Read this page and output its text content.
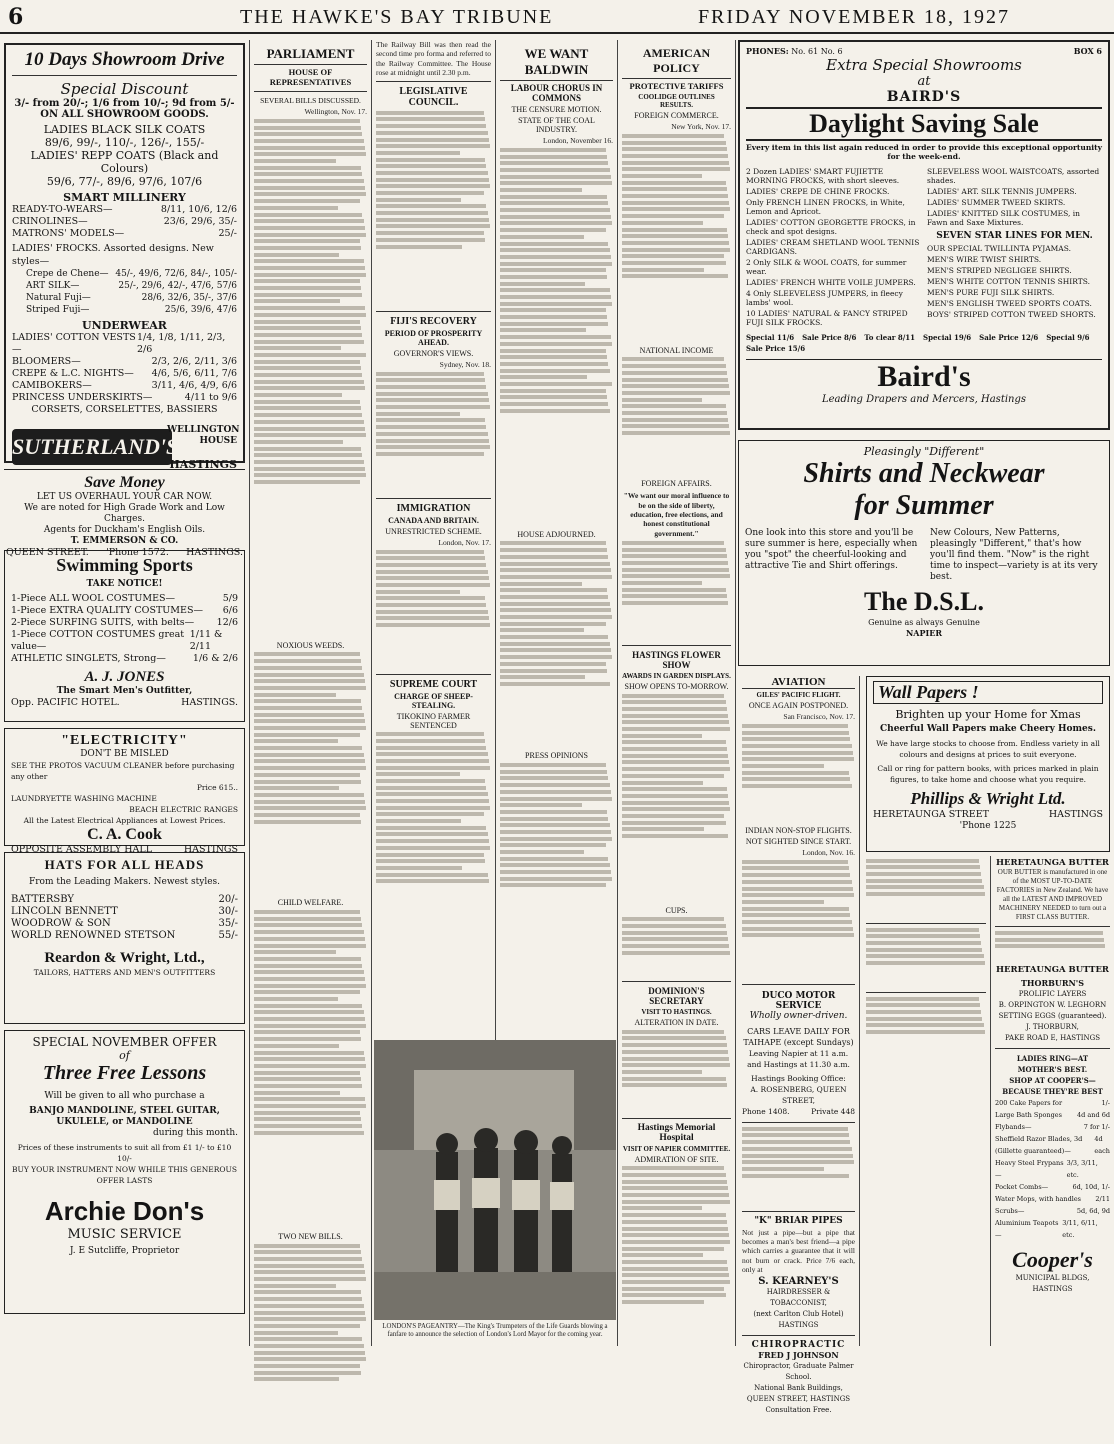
6	THE HAWKE'S BAY TRIBUNE	FRIDAY NOVEMBER 18, 1927
10 Days Showroom Drive
Special Discount
3/- from 20/-; 1/6 from 10/-; 9d from 5/-
ON ALL SHOWROOM GOODS.
LADIES BLACK SILK COATS
89/6, 99/-, 110/-, 126/-, 155/-
LADIES' REPP COATS (Black and Colours)
59/6, 77/-, 89/6, 97/6, 107/6
SMART MILLINERY
READY-TO-WEARS—	8/11, 10/6, 12/6
CRINOLINES—	23/6, 29/6, 35/-
MATRONS' MODELS—	25/-
LADIES' FROCKS. Assorted designs. New styles—
Crepe de Chene— 45/-, 49/6, 72/6, 84/-, 105/-
ART SILK—	25/-, 29/6, 42/-, 47/6, 57/6
Natural Fuji—	28/6, 32/6, 35/-, 37/6
Striped Fuji—	25/6, 39/6, 47/6
UNDERWEAR
LADIES' COTTON VESTS—
1/4, 1/8, 1/11, 2/3, 2/6
BLOOMERS—	2/3, 2/6, 2/11, 3/6
CREPE & L.C. NIGHTS— 4/6, 5/6, 6/11, 7/6
CAMIBOKERS—	3/11, 4/6, 4/9, 6/6
PRINCESS UNDERSKIRTS—	4/11 to 9/6
CORSETS, CORSELETTES, BASSIERS
SUTHERLAND'S
WELLINGTON HOUSE
HASTINGS
Save Money
LET US OVERHAUL YOUR CAR NOW.
We are noted for High Grade Work and Low Charges.
Agents for Duckham's English Oils.
T. EMMERSON & CO.
QUEEN STREET. 'Phone 1572. HASTINGS.
Swimming Sports
TAKE NOTICE!
1-Piece ALL WOOL COSTUMES—	5/9
1-Piece EXTRA QUALITY COSTUMES— 6/6
2-Piece SURFING SUITS, with belts— 12/6
1-Piece COTTON COSTUMES great value—
1/11 & 2/11
ATHLETIC SINGLETS, Strong—	1/6 & 2/6
A. J. JONES
The Smart Men's Outfitter,
Opp. PACIFIC HOTEL.	HASTINGS.
"ELECTRICITY"
DON'T BE MISLED
SEE THE PROTOS VACUUM CLEANER before purchasing any other
Price 615..
LAUNDRYETTE WASHING MACHINE
BEACH ELECTRIC RANGES
All the Latest Electrical Appliances at Lowest Prices.
C. A. Cook
OPPOSITE ASSEMBLY HALL	HASTINGS
HATS FOR ALL HEADS
From the Leading Makers. Newest styles.
BATTERSBY	20/-
LINCOLN BENNETT	30/-
WOODROW & SON	35/-
WORLD RENOWNED STETSON	55/-
Reardon & Wright, Ltd.,
TAILORS, HATTERS AND MEN'S OUTFITTERS
SPECIAL NOVEMBER OFFER
of
Three Free Lessons
Will be given to all who purchase a
BANJO MANDOLINE, STEEL GUITAR, UKULELE, or MANDOLINE
during this month.
Prices of these instruments to suit all from £1 1/- to £10 10/-
BUY YOUR INSTRUMENT NOW WHILE THIS GENEROUS OFFER LASTS
Archie Don's
MUSIC SERVICE
J. E Sutcliffe, Proprietor
PARLIAMENT
HOUSE OF REPRESENTATIVES
SEVERAL BILLS DISCUSSED.
Wellington, Nov. 17.
NOXIOUS WEEDS.
CHILD WELFARE.
TWO NEW BILLS.
The Railway Bill was then read the second time pro forma and referred to the Railway Committee. The House rose at midnight until 2.30 p.m.
LEGISLATIVE COUNCIL.
FIJI'S RECOVERY
PERIOD OF PROSPERITY AHEAD.
GOVERNOR'S VIEWS.
Sydney, Nov. 18.
IMMIGRATION
CANADA AND BRITAIN.
UNRESTRICTED SCHEME.
London, Nov. 17.
SUPREME COURT
CHARGE OF SHEEP-STEALING.
TIKOKINO FARMER SENTENCED
WE WANT BALDWIN
LABOUR CHORUS IN COMMONS
THE CENSURE MOTION.
STATE OF THE COAL INDUSTRY.
London, November 16.
HOUSE ADJOURNED.
PRESS OPINIONS
LONDON'S PAGEANTRY—The King's Trumpeters of the Life Guards blowing a fanfare to announce the selection of London's Lord Mayor for the coming year.
AMERICAN POLICY
PROTECTIVE TARIFFS
COOLIDGE OUTLINES RESULTS.
FOREIGN COMMERCE.
New York, Nov. 17.
NATIONAL INCOME
FOREIGN AFFAIRS.
"We want our moral influence to be on the side of liberty, education, free elections, and honest constitutional government."
HASTINGS FLOWER SHOW
AWARDS IN GARDEN DISPLAYS.
SHOW OPENS TO-MORROW.
CUPS.
DOMINION'S SECRETARY
VISIT TO HASTINGS.
ALTERATION IN DATE.
Hastings Memorial Hospital
VISIT OF NAPIER COMMITTEE.
ADMIRATION OF SITE.
PHONES: No. 61 No. 6	BOX 6
Extra Special Showrooms
at
BAIRD'S
Daylight Saving Sale
Every item in this list again reduced in order to provide this exceptional opportunity for the week-end.
2 Dozen LADIES' SMART FUJIETTE MORNING FROCKS, with short sleeves.
LADIES' CREPE DE CHINE FROCKS.
Only FRENCH LINEN FROCKS, in White, Lemon and Apricot.
LADIES' COTTON GEORGETTE FROCKS, in check and spot designs.
LADIES' CREAM SHETLAND WOOL TENNIS CARDIGANS.
2 Only SILK & WOOL COATS, for summer wear.
LADIES' FRENCH WHITE VOILE JUMPERS.
4 Only SLEEVELESS JUMPERS, in fleecy lambs' wool.
10 LADIES' NATURAL & FANCY STRIPED FUJI SILK FROCKS.
SLEEVELESS WOOL WAISTCOATS, assorted shades.
LADIES' ART. SILK TENNIS JUMPERS.
LADIES' SUMMER TWEED SKIRTS.
LADIES' KNITTED SILK COSTUMES, in Fawn and Saxe Mixtures.
SEVEN STAR LINES FOR MEN.
OUR SPECIAL TWILLINTA PYJAMAS.
MEN'S WIRE TWIST SHIRTS.
MEN'S STRIPED NEGLIGEE SHIRTS.
MEN'S WHITE COTTON TENNIS SHIRTS.
MEN'S PURE FUJI SILK SHIRTS.
MEN'S ENGLISH TWEED SPORTS COATS.
BOYS' STRIPED COTTON TWEED SHORTS.
Special 11/6 Sale Price 8/6 To clear 8/11 Special 19/6 Sale Price 12/6 Special 9/6
Sale Price 15/6
Baird's
Leading Drapers and Mercers, Hastings
Pleasingly "Different"
Shirts and Neckwear
for Summer
One look into this store and you'll be sure summer is here, especially when you "spot" the cheerful-looking and attractive Tie and Shirt offerings.
New Colours, New Patterns, pleasingly "Different," that's how you'll find them. "Now" is the right time to inspect—variety is at its very best.
The D.S.L.
Genuine as always Genuine
NAPIER
AVIATION
GILES' PACIFIC FLIGHT.
ONCE AGAIN POSTPONED.
San Francisco, Nov. 17.
INDIAN NON-STOP FLIGHTS.
NOT SIGHTED SINCE START.
London, Nov. 16.
DUCO MOTOR SERVICE
Wholly owner-driven.
CARS LEAVE DAILY FOR TAIHAPE (except Sundays)
Leaving Napier at 11 a.m. and Hastings at 11.30 a.m.
Hastings Booking Office:
A. ROSENBERG, QUEEN STREET,
Phone 1408.	Private 448
"K" BRIAR PIPES
Not just a pipe—but a pipe that becomes a man's best friend—a pipe which carries a guarantee that it will not burn or crack. Price 7/6 each, only at
S. KEARNEY'S
HAIRDRESSER & TOBACCONIST,
(next Carlton Club Hotel) HASTINGS
CHIROPRACTIC
FRED J JOHNSON
Chiropractor, Graduate Palmer School.
National Bank Buildings,
QUEEN STREET, HASTINGS
Consultation Free.
Wall Papers !
Brighten up your Home for Xmas
Cheerful Wall Papers make Cheery Homes.
We have large stocks to choose from. Endless variety in all colours and designs at prices to suit everyone.
Call or ring for pattern books, with prices marked in plain figures, to take home and choose what you require.
Phillips & Wright Ltd.
HERETAUNGA STREET	HASTINGS
'Phone 1225
HERETAUNGA BUTTER
OUR BUTTER is manufactured in one of the MOST UP-TO-DATE FACTORIES in New Zealand. We have all the LATEST AND IMPROVED MACHINERY NEEDED to turn out a FIRST CLASS BUTTER.
HERETAUNGA BUTTER
THORBURN'S
PROLIFIC LAYERS
B. ORPINGTON W. LEGHORN SETTING EGGS (guaranteed).
J. THORBURN,
PAKE ROAD E, HASTINGS
LADIES RING—AT MOTHER'S BEST.
SHOP AT COOPER'S—BECAUSE THEY'RE BEST
200 Cake Papers for	1/-
Large Bath Sponges 4d and 6d
Flybands—	7 for 1/-
Sheffield Razor Blades, 3d (Gillette guaranteed)—
4d each
Heavy Steel Frypans—
3/3, 3/11, etc.
Pocket Combs—	6d, 10d, 1/-
Water Mops, with handles 2/11
Scrubs—	5d, 6d, 9d
Aluminium Teapots—
3/11, 6/11, etc.
Cooper's
MUNICIPAL BLDGS, HASTINGS
